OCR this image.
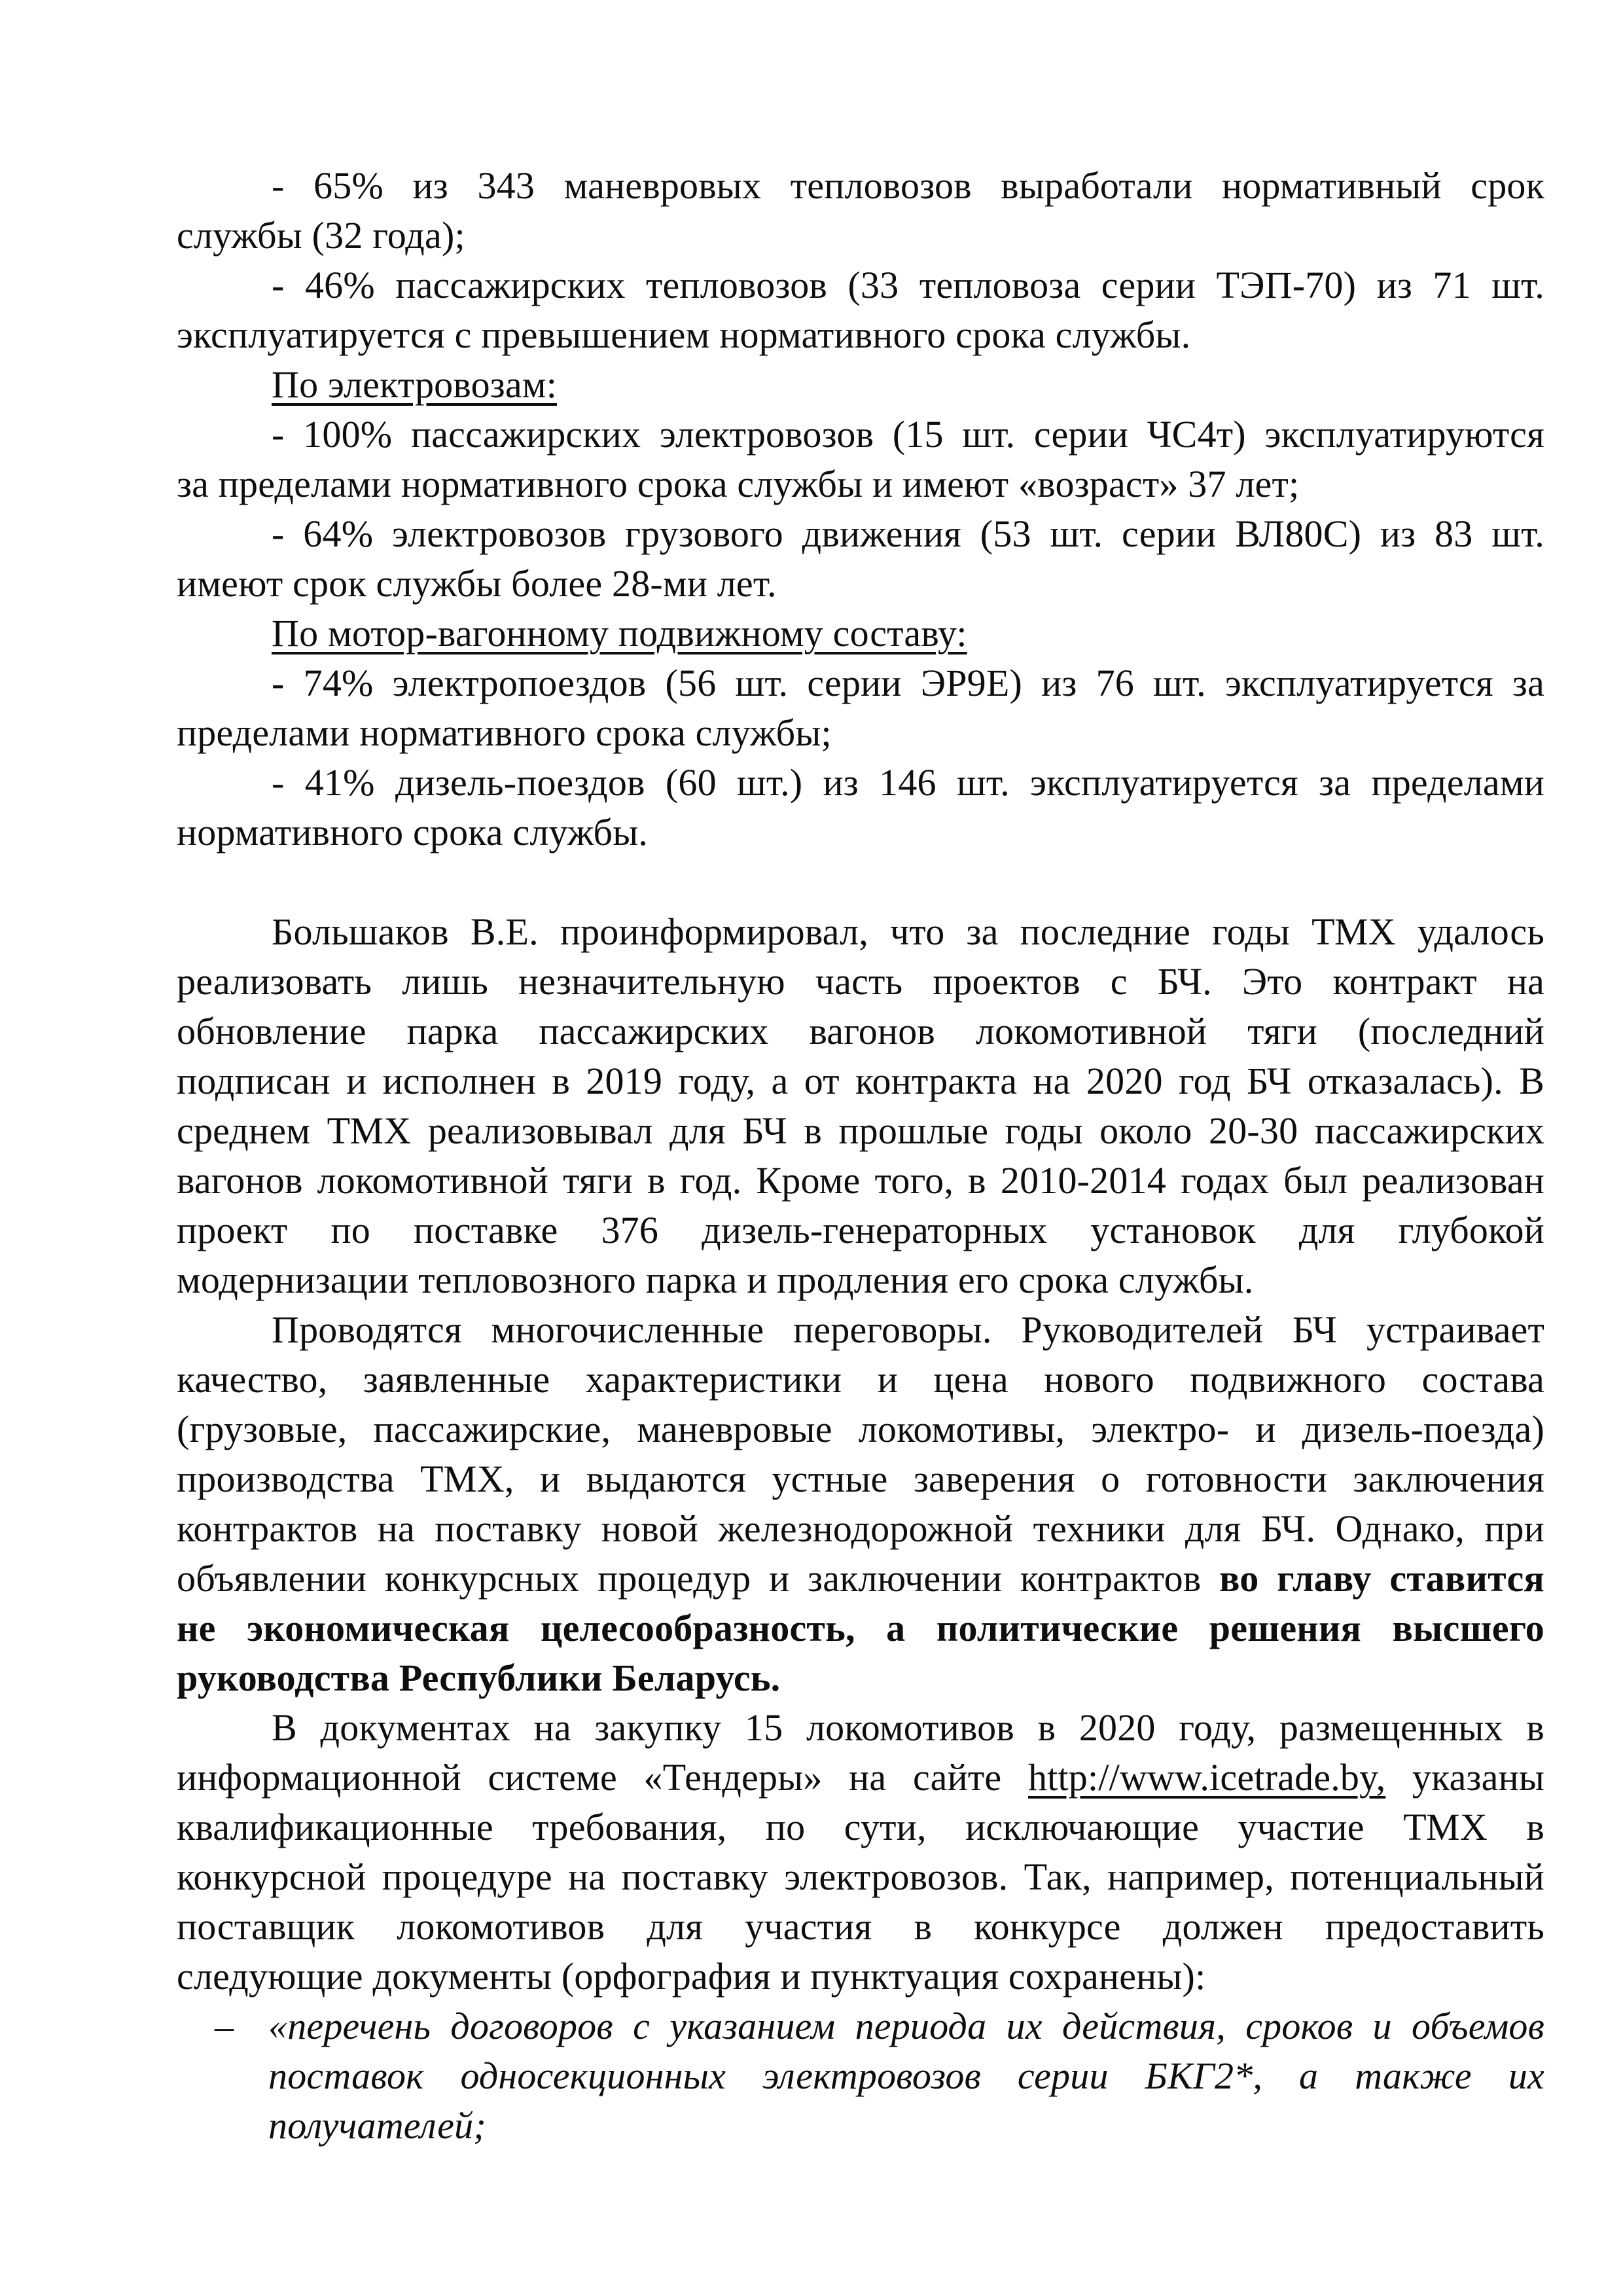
- 65% из 343 маневровых тепловозов выработали нормативный срок
службы (32 года);
- 46% пассажирских тепловозов (33 тепловоза серии ТЭП-70) из 71 шт.
эксплуатируется с превышением нормативного срока службы.
По электровозам:
- 100% пассажирских электровозов (15 шт. серии ЧС4т) эксплуатируются
за пределами нормативного срока службы и имеют «возраст» 37 лет;
- 64% электровозов грузового движения (53 шт. серии ВЛ80С) из 83 шт.
имеют срок службы более 28-ми лет.
По мотор-вагонному подвижному составу:
- 74% электропоездов (56 шт. серии ЭР9Е) из 76 шт. эксплуатируется за
пределами нормативного срока службы;
- 41% дизель-поездов (60 шт.) из 146 шт. эксплуатируется за пределами
нормативного срока службы.
Большаков В.Е. проинформировал, что за последние годы ТМХ удалось
реализовать лишь незначительную часть проектов с БЧ. Это контракт на
обновление парка пассажирских вагонов локомотивной тяги (последний
подписан и исполнен в 2019 году, а от контракта на 2020 год БЧ отказалась). В
среднем ТМХ реализовывал для БЧ в прошлые годы около 20-30 пассажирских
вагонов локомотивной тяги в год. Кроме того, в 2010-2014 годах был реализован
проект по поставке 376 дизель-генераторных установок для глубокой
модернизации тепловозного парка и продления его срока службы.
Проводятся многочисленные переговоры. Руководителей БЧ устраивает
качество, заявленные характеристики и цена нового подвижного состава
(грузовые, пассажирские, маневровые локомотивы, электро- и дизель-поезда)
производства ТМХ, и выдаются устные заверения о готовности заключения
контрактов на поставку новой железнодорожной техники для БЧ. Однако, при
объявлении конкурсных процедур и заключении контрактов во главу ставится
не экономическая целесообразность, а политические решения высшего
руководства Республики Беларусь.
В документах на закупку 15 локомотивов в 2020 году, размещенных в
информационной системе «Тендеры» на сайте http://www.icetrade.by, указаны
квалификационные требования, по сути, исключающие участие ТМХ в
конкурсной процедуре на поставку электровозов. Так, например, потенциальный
поставщик локомотивов для участия в конкурсе должен предоставить
следующие документы (орфография и пунктуация сохранены):
– «перечень договоров с указанием периода их действия, сроков и объемов
поставок односекционных электровозов серии БКГ2*, а также их
получателей;
